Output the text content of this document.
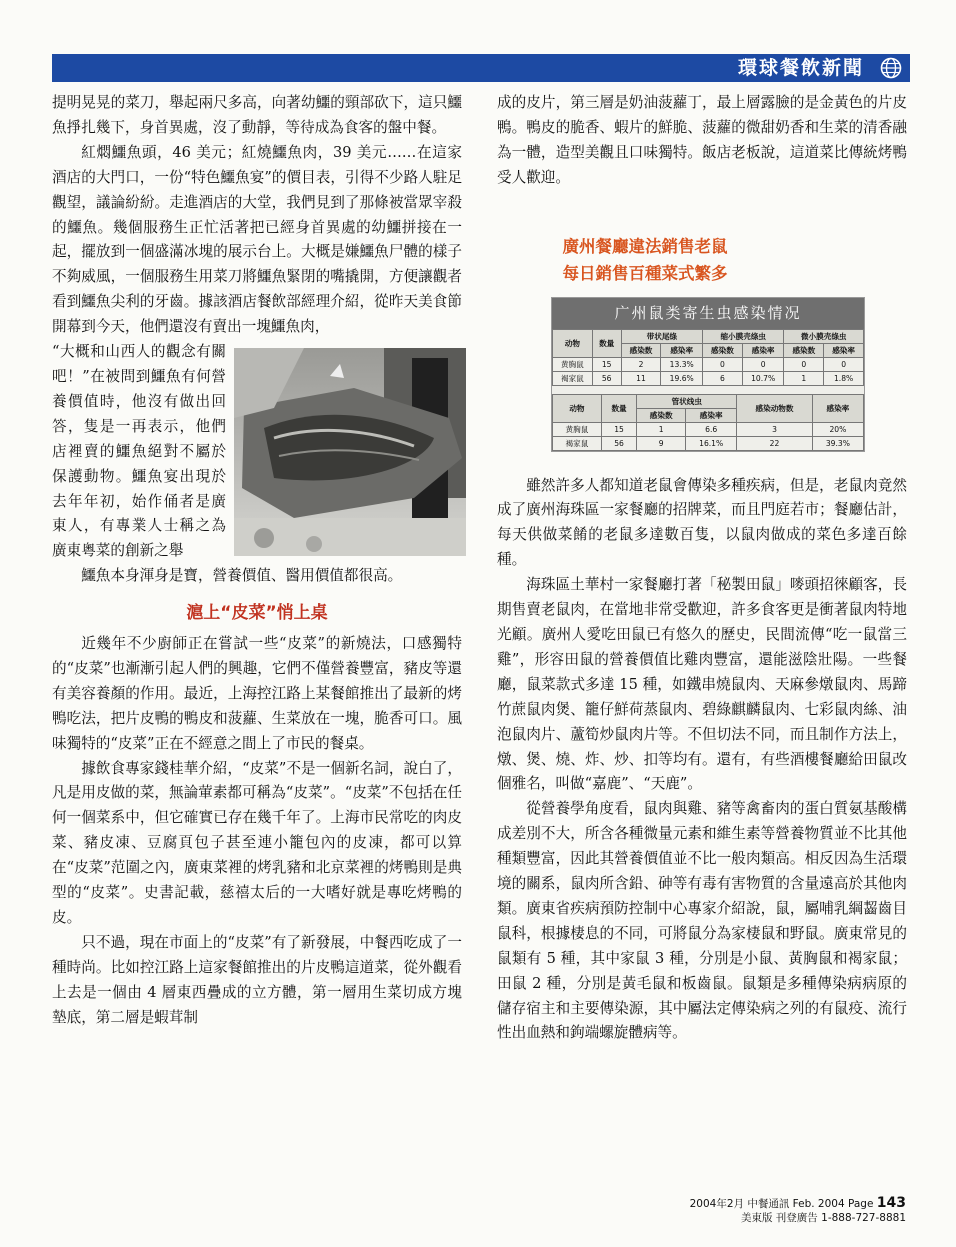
環球餐飲新聞

提明晃晃的菜刀，舉起兩尺多高，向著幼鱷的頸部砍下，這只鱷魚掙扎幾下，身首異處，沒了動靜，等待成為食客的盤中餐。

紅燜鱷魚頭，46 美元；紅燒鱷魚肉，39 美元……在這家酒店的大門口，一份“特色鱷魚宴”的價目表，引得不少路人駐足觀望，議論紛紛。走進酒店的大堂，我們見到了那條被當眾宰殺的鱷魚。幾個服務生正忙活著把已經身首異處的幼鱷拼接在一起，擺放到一個盛滿冰塊的展示台上。大概是嫌鱷魚尸體的樣子不夠威風，一個服務生用菜刀將鱷魚緊閉的嘴撬開，方便讓觀者看到鱷魚尖利的牙齒。據該酒店餐飲部經理介紹，從昨天美食節開幕到今天，他們還沒有賣出一塊鱷魚肉，

“大概和山西人的觀念有關吧！”在被問到鱷魚有何營養價值時，他沒有做出回答，隻是一再表示，他們店裡賣的鱷魚絕對不屬於保護動物。鱷魚宴出現於去年年初，始作俑者是廣東人，有專業人士稱之為廣東粵菜的創新之舉

鱷魚本身渾身是寶，營養價值、醫用價值都很高。

滬上“皮菜”悄上桌

近幾年不少廚師正在嘗試一些“皮菜”的新燒法，口感獨特的“皮菜”也漸漸引起人們的興趣，它們不僅營養豐富，豬皮等還有美容養顏的作用。最近，上海控江路上某餐館推出了最新的烤鴨吃法，把片皮鴨的鴨皮和菠蘿、生菜放在一塊，脆香可口。風味獨特的“皮菜”正在不經意之間上了市民的餐桌。

據飲食專家錢桂華介紹，“皮菜”不是一個新名詞，說白了，凡是用皮做的菜，無論葷素都可稱為“皮菜”。“皮菜”不包括在任何一個菜系中，但它確實已存在幾千年了。上海市民常吃的肉皮菜、豬皮凍、豆腐頁包子甚至連小籠包內的皮凍，都可以算在“皮菜”范圍之內，廣東菜裡的烤乳豬和北京菜裡的烤鴨則是典型的“皮菜”。史書記載，慈禧太后的一大嗜好就是專吃烤鴨的皮。

只不過，現在市面上的“皮菜”有了新發展，中餐西吃成了一種時尚。比如控江路上這家餐館推出的片皮鴨這道菜，從外觀看上去是一個由 4 層東西疊成的立方體，第一層用生菜切成方塊墊底，第二層是蝦茸制

成的皮片，第三層是奶油菠蘿丁，最上層露臉的是金黃色的片皮鴨。鴨皮的脆香、蝦片的鮮脆、菠蘿的微甜奶香和生菜的清香融為一體，造型美觀且口味獨特。飯店老板說，這道菜比傳統烤鴨受人歡迎。

廣州餐廳違法銷售老鼠
每日銷售百種菜式繁多
广州鼠类寄生虫感染情况
动物	数量	带状尾绦		缩小膜壳绦虫		微小膜壳绦虫	
		感染数	感染率	感染数	感染率	感染数	感染率
黄胸鼠	15	2	13.3%	0	0	0	0
褐家鼠	56	11	19.6%	6	10.7%	1	1.8%
动物	数量	管状线虫		感染动物数	感染率
		感染数	感染率		
黄胸鼠	15	1	6.6	3	20%
褐家鼠	56	9	16.1%	22	39.3%

雖然許多人都知道老鼠會傳染多種疾病，但是，老鼠肉竟然成了廣州海珠區一家餐廳的招牌菜，而且門庭若市；餐廳估計，每天供做菜餚的老鼠多達數百隻，以鼠肉做成的菜色多達百餘種。

海珠區土華村一家餐廳打著「秘製田鼠」嘜頭招徠顧客，長期售賣老鼠肉，在當地非常受歡迎，許多食客更是衝著鼠肉特地光顧。廣州人愛吃田鼠已有悠久的歷史，民間流傳“吃一鼠當三雞”，形容田鼠的營養價值比雞肉豐富，還能滋陰壯陽。一些餐廳，鼠菜款式多達 15 種，如鐵串燒鼠肉、天麻參燉鼠肉、馬蹄竹蔗鼠肉煲、籠仔鮮荷蒸鼠肉、碧綠麒麟鼠肉、七彩鼠肉絲、油泡鼠肉片、蘆筍炒鼠肉片等。不但切法不同，而且制作方法上，燉、煲、燒、炸、炒、扣等均有。還有，有些酒樓餐廳給田鼠改個雅名，叫做“嘉鹿”、“天鹿”。

從營養學角度看，鼠肉與雞、豬等禽畜肉的蛋白質氨基酸構成差別不大，所含各種微量元素和維生素等營養物質並不比其他種類豐富，因此其營養價值並不比一般肉類高。相反因為生活環境的關系，鼠肉所含鉛、砷等有毒有害物質的含量遠高於其他肉類。廣東省疾病預防控制中心專家介紹說，鼠，屬哺乳綱齧齒目鼠科，根據棲息的不同，可將鼠分為家棲鼠和野鼠。廣東常見的鼠類有 5 種，其中家鼠 3 種，分別是小鼠、黃胸鼠和褐家鼠；田鼠 2 種，分別是黃毛鼠和板齒鼠。鼠類是多種傳染病病原的儲存宿主和主要傳染源，其中屬法定傳染病之列的有鼠疫、流行性出血熱和鉤端螺旋體病等。

2004年2月 中餐通訊 Feb. 2004 Page 143
美東版 刊登廣告 1-888-727-8881
